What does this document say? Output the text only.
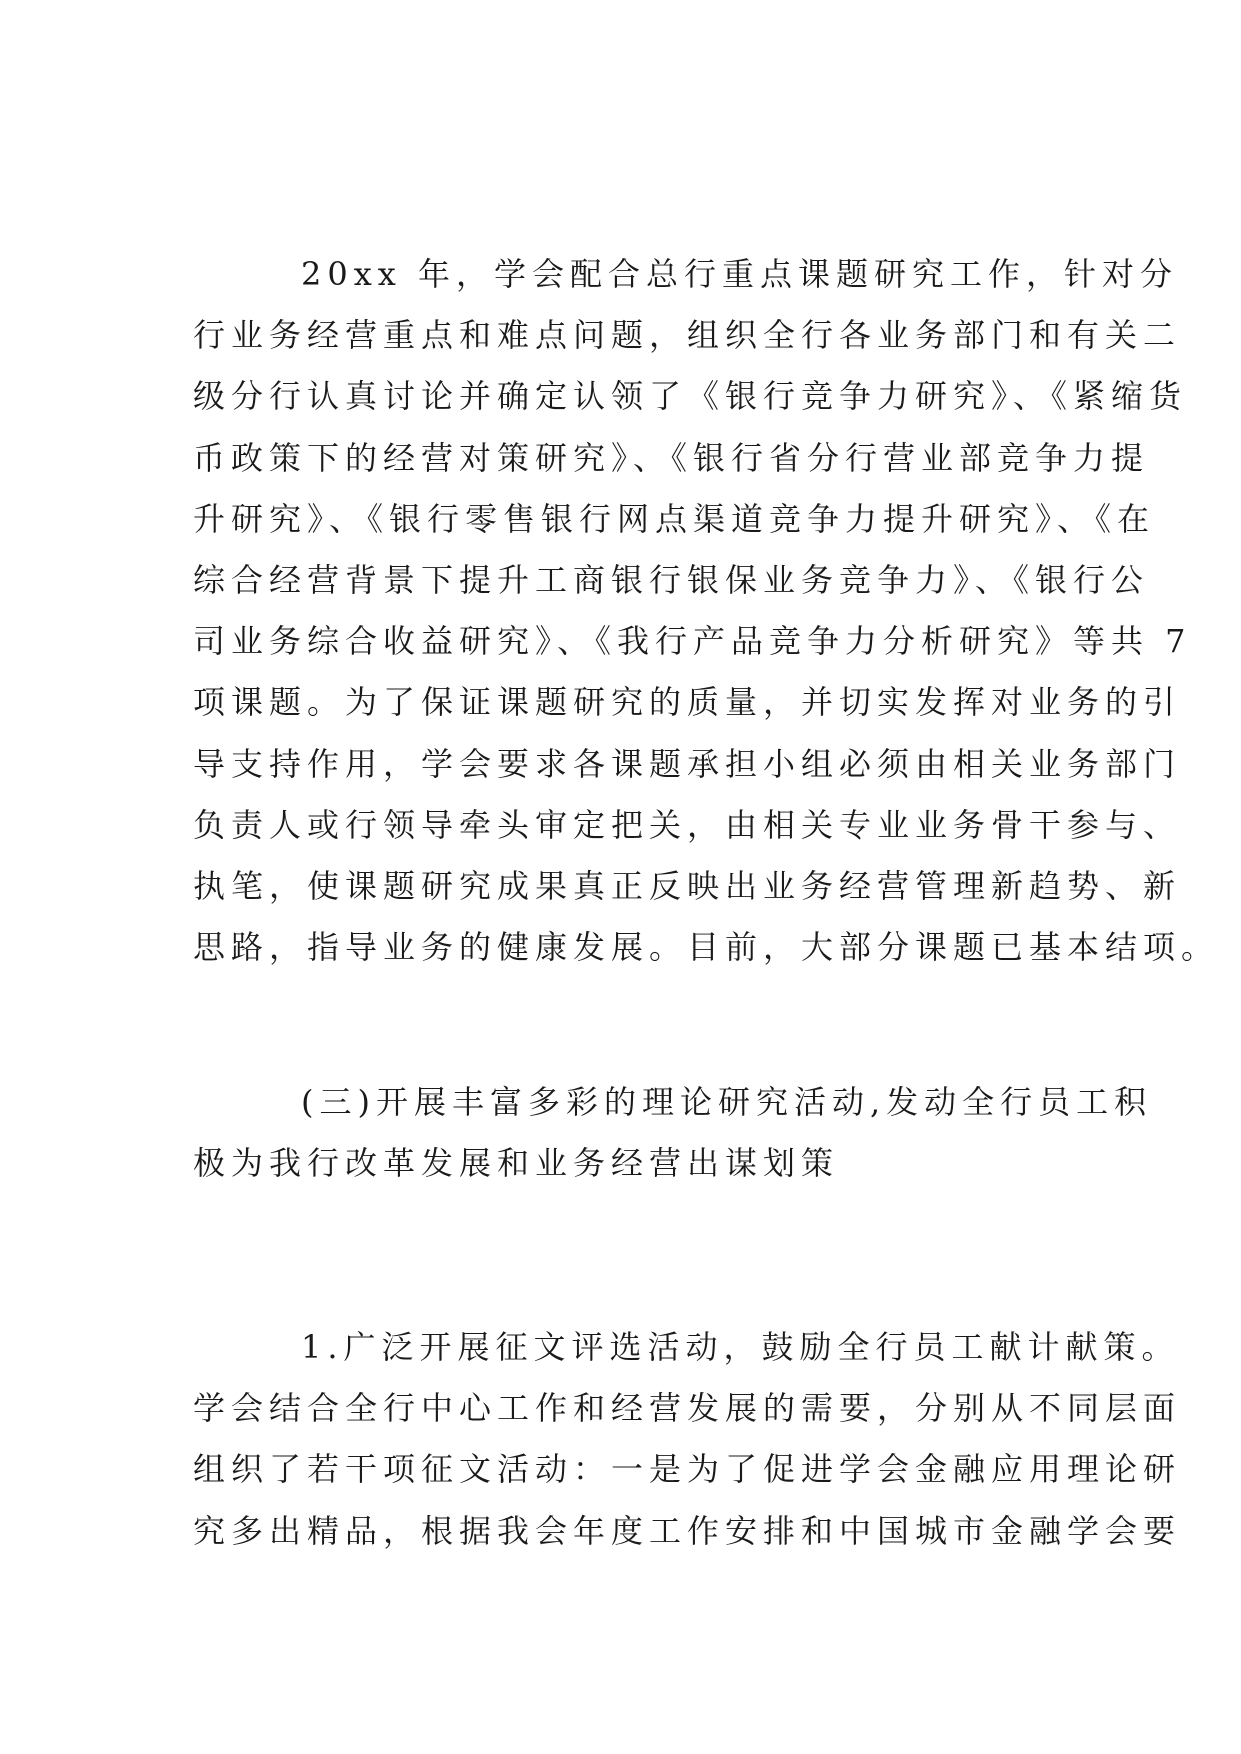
20xx 年，学会配合总行重点课题研究工作，针对分
行业务经营重点和难点问题，组织全行各业务部门和有关二
级分行认真讨论并确定认领了《银行竞争力研究》、《紧缩货
币政策下的经营对策研究》、《银行省分行营业部竞争力提
升研究》、《银行零售银行网点渠道竞争力提升研究》、《在
综合经营背景下提升工商银行银保业务竞争力》、《银行公
司业务综合收益研究》、《我行产品竞争力分析研究》等共 7
项课题。为了保证课题研究的质量，并切实发挥对业务的引
导支持作用，学会要求各课题承担小组必须由相关业务部门
负责人或行领导牵头审定把关，由相关专业业务骨干参与、
执笔，使课题研究成果真正反映出业务经营管理新趋势、新
思路，指导业务的健康发展。目前，大部分课题已基本结项。
(三)开展丰富多彩的理论研究活动,发动全行员工积
极为我行改革发展和业务经营出谋划策
1.广泛开展征文评选活动，鼓励全行员工献计献策。
学会结合全行中心工作和经营发展的需要，分别从不同层面
组织了若干项征文活动：一是为了促进学会金融应用理论研
究多出精品，根据我会年度工作安排和中国城市金融学会要
